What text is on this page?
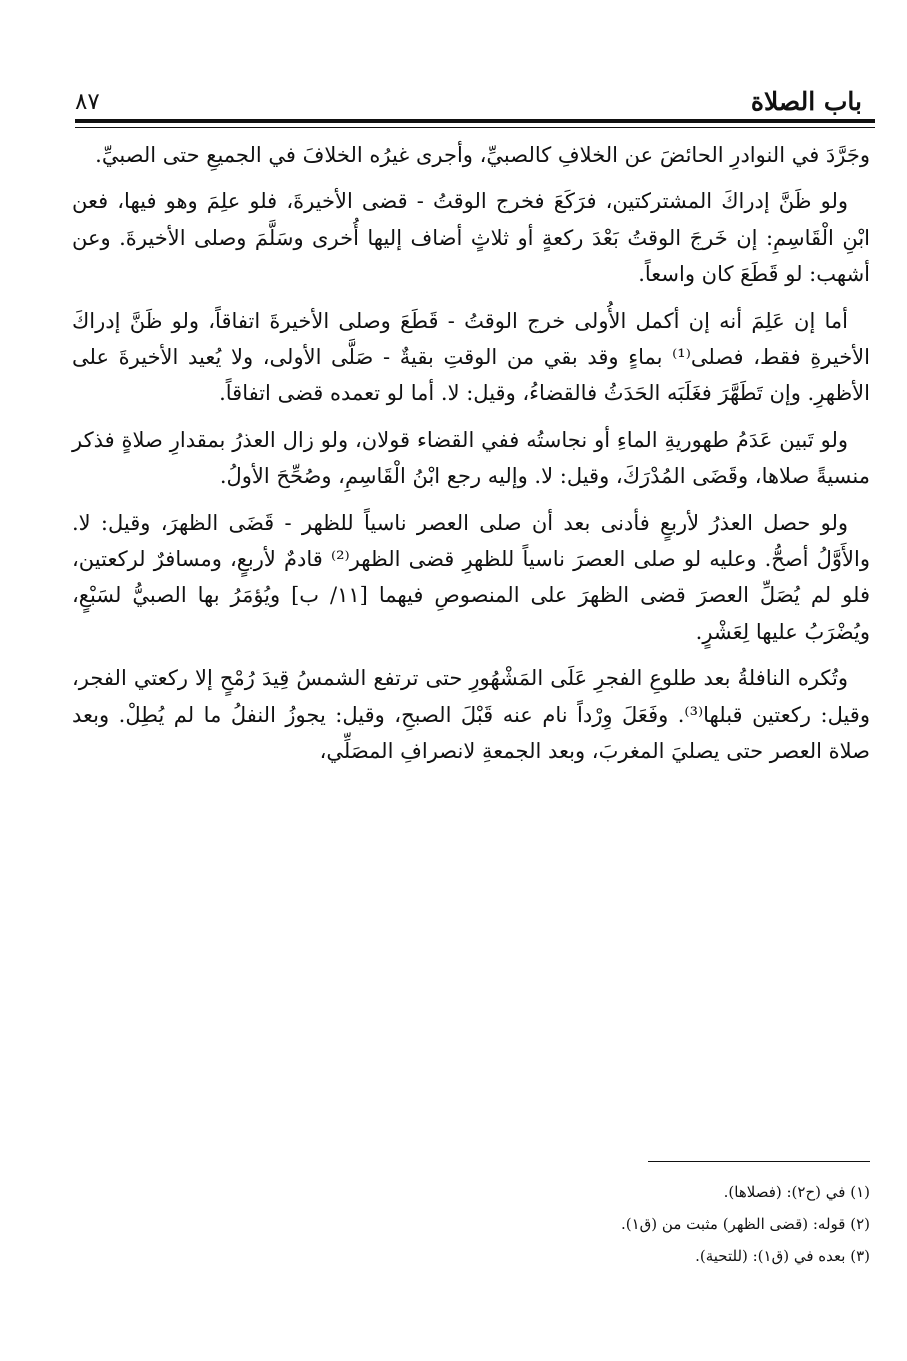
باب الصلاة
٨٧

وجَرَّدَ في النوادرِ الحائضَ عن الخلافِ كالصبيِّ، وأجرى غيرُه الخلافَ في الجميعِ حتى الصبيِّ.

ولو ظَنَّ إدراكَ المشتركتين، فرَكَعَ فخرج الوقتُ - قضى الأخيرةَ، فلو علِمَ وهو فيها، فعن ابْنِ الْقَاسِمِ: إن خَرجَ الوقتُ بَعْدَ ركعةٍ أو ثلاثٍ أضاف إليها أُخرى وسَلَّمَ وصلى الأخيرةَ. وعن أشهب: لو قَطَعَ كان واسعاً.

أما إن عَلِمَ أنه إن أكمل الأُولى خرج الوقتُ - قَطَعَ وصلى الأخيرةَ اتفاقاً، ولو ظَنَّ إدراكَ الأخيرةِ فقط، فصلى⁽¹⁾ بماءٍ وقد بقي من الوقتِ بقيةٌ - صَلَّى الأولى، ولا يُعيد الأخيرةَ على الأظهرِ. وإن تَطَهَّرَ فغَلَبَه الحَدَثُ فالقضاءُ، وقيل: لا. أما لو تعمده قضى اتفاقاً.

ولو تَبين عَدَمُ طهوريةِ الماءِ أو نجاستُه ففي القضاء قولان، ولو زال العذرُ بمقدارِ صلاةٍ فذكر منسيةً صلاها، وقَضَى المُدْرَكَ، وقيل: لا. وإليه رجع ابْنُ الْقَاسِمِ، وصُحِّحَ الأولُ.

ولو حصل العذرُ لأربعٍ فأدنى بعد أن صلى العصر ناسياً للظهر - قَضَى الظهرَ، وقيل: لا. والأَوَّلُ أصحُّ. وعليه لو صلى العصرَ ناسياً للظهرِ قضى الظهر⁽²⁾ قادمٌ لأربعٍ، ومسافرٌ لركعتين، فلو لم يُصَلِّ العصرَ قضى الظهرَ على المنصوصِ فيهما [١١/ ب] ويُؤمَرُ بها الصبيُّ لسَبْعٍ، ويُضْرَبُ عليها لِعَشْرٍ.

وتُكره النافلةُ بعد طلوعِ الفجرِ عَلَى المَشْهُورِ حتى ترتفع الشمسُ قِيدَ رُمْحٍ إلا ركعتي الفجر، وقيل: ركعتين قبلها⁽³⁾. وفَعَلَ وِرْداً نام عنه قَبْلَ الصبحِ، وقيل: يجوزُ النفلُ ما لم يُطِلْ. وبعد صلاة العصر حتى يصليَ المغربَ، وبعد الجمعةِ لانصرافِ المصَلِّي،

(١) في (ح٢): (فصلاها).

(٢) قوله: (قضى الظهر) مثبت من (ق١).

(٣) بعده في (ق١): (للتحية).
